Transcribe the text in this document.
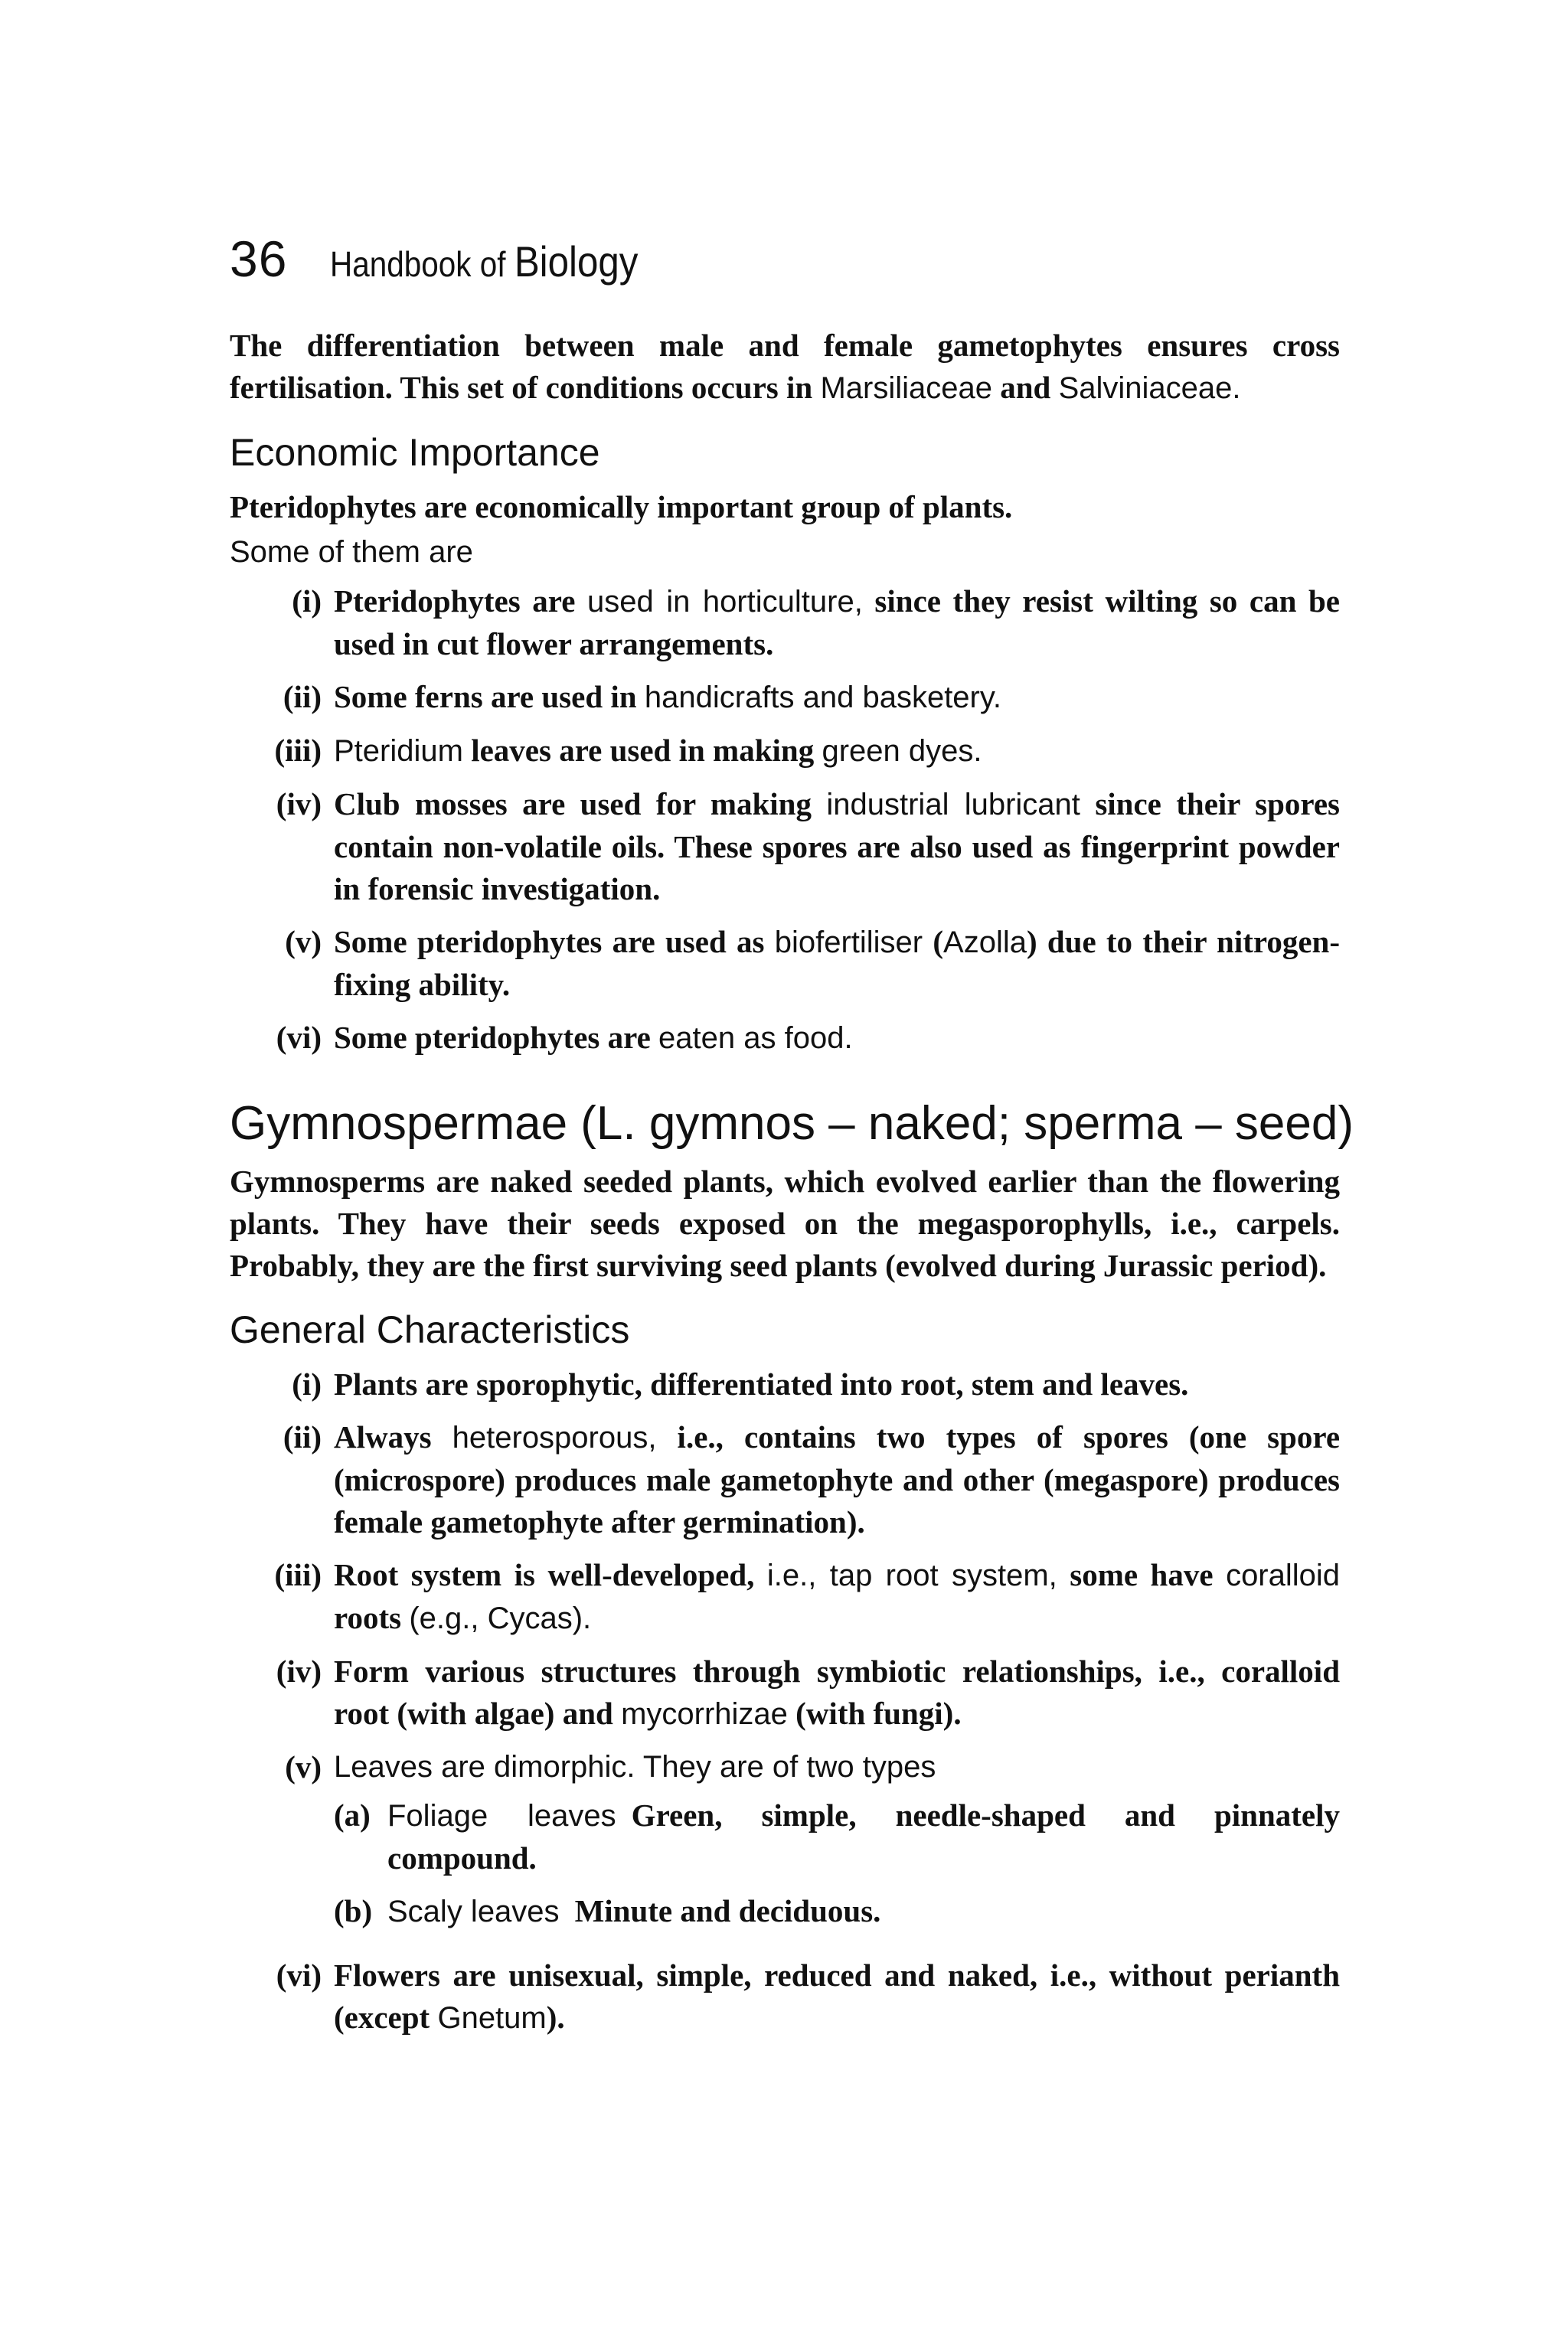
36 Handbook of Biology

The differentiation between male and female gametophytes ensures cross fertilisation. This set of conditions occurs in Marsiliaceae and Salviniaceae.

Economic Importance

Pteridophytes are economically important group of plants.

Some of them are
(i) Pteridophytes are used in horticulture, since they resist wilting so can be used in cut flower arrangements.
(ii) Some ferns are used in handicrafts and basketery.
(iii) Pteridium leaves are used in making green dyes.
(iv) Club mosses are used for making industrial lubricant since their spores contain non-volatile oils. These spores are also used as fingerprint powder in forensic investigation.
(v) Some pteridophytes are used as biofertiliser (Azolla) due to their nitrogen-fixing ability.
(vi) Some pteridophytes are eaten as food.
Gymnospermae (L. gymnos – naked; sperma – seed)

Gymnosperms are naked seeded plants, which evolved earlier than the flowering plants. They have their seeds exposed on the megasporophylls, i.e., carpels. Probably, they are the first surviving seed plants (evolved during Jurassic period).

General Characteristics
(i) Plants are sporophytic, differentiated into root, stem and leaves.
(ii) Always heterosporous, i.e., contains two types of spores (one spore (microspore) produces male gametophyte and other (megaspore) produces female gametophyte after germination).
(iii) Root system is well-developed, i.e., tap root system, some have coralloid roots (e.g., Cycas).
(iv) Form various structures through symbiotic relationships, i.e., coralloid root (with algae) and mycorrhizae (with fungi).
(v) Leaves are dimorphic. They are of two types
(a) Foliage leaves Green, simple, needle-shaped and pinnately compound.
(b) Scaly leaves Minute and deciduous.
(vi) Flowers are unisexual, simple, reduced and naked, i.e., without perianth (except Gnetum).
